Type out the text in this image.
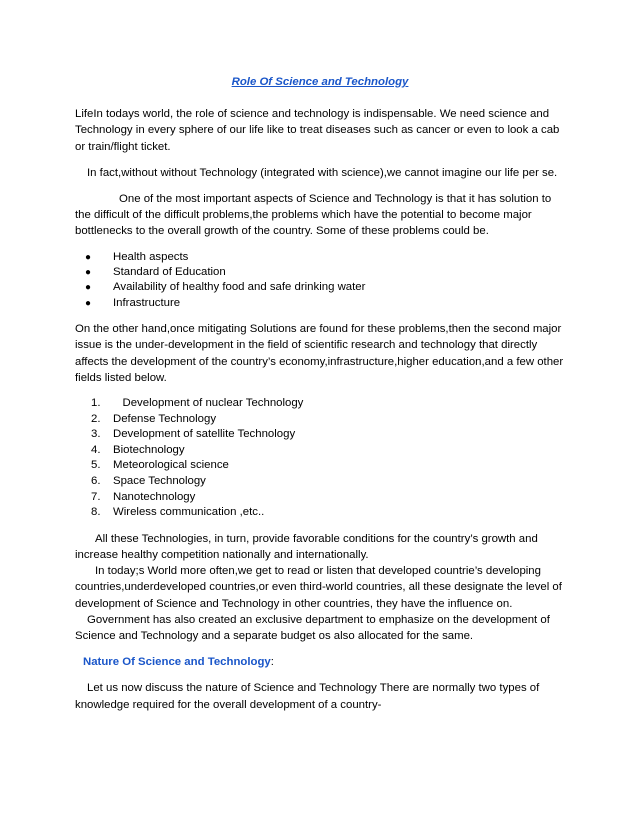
Role Of Science and Technology

LifeIn todays world, the role of science and technology is indispensable. We need science and Technology in every sphere of our life like to treat diseases such as cancer or even to look a cab or train/flight ticket.

In fact,without without Technology (integrated with science),we cannot imagine our life per se.

One of the most important aspects of Science and Technology is that it has solution to the difficult of the difficult problems,the problems which have the potential to become major bottlenecks to the overall growth of the country. Some of these problems could be.

● Health aspects
● Standard of Education
● Availability of healthy food and safe drinking water
● Infrastructure

On the other hand,once mitigating Solutions are found for these problems,then the second major issue is the under-development in the field of scientific research and technology that directly affects the development of the country’s economy,infrastructure,higher education,and a few other fields listed below.

1. Development of nuclear Technology
2. Defense Technology
3. Development of satellite Technology
4. Biotechnology
5. Meteorological science
6. Space Technology
7. Nanotechnology
8. Wireless communication ,etc..

All these Technologies, in turn, provide favorable conditions for the country’s growth and increase healthy competition nationally and internationally.

In today;s World more often,we get to read or listen that developed countrie’s developing countries,underdeveloped countries,or even third-world countries, all these designate the level of development of Science and Technology in other countries, they have the influence on.

Government has also created an exclusive department to emphasize on the development of Science and Technology and a separate budget os also allocated for the same.

Nature Of Science and Technology:

Let us now discuss the nature of Science and Technology There are normally two types of knowledge required for the overall development of a country-
